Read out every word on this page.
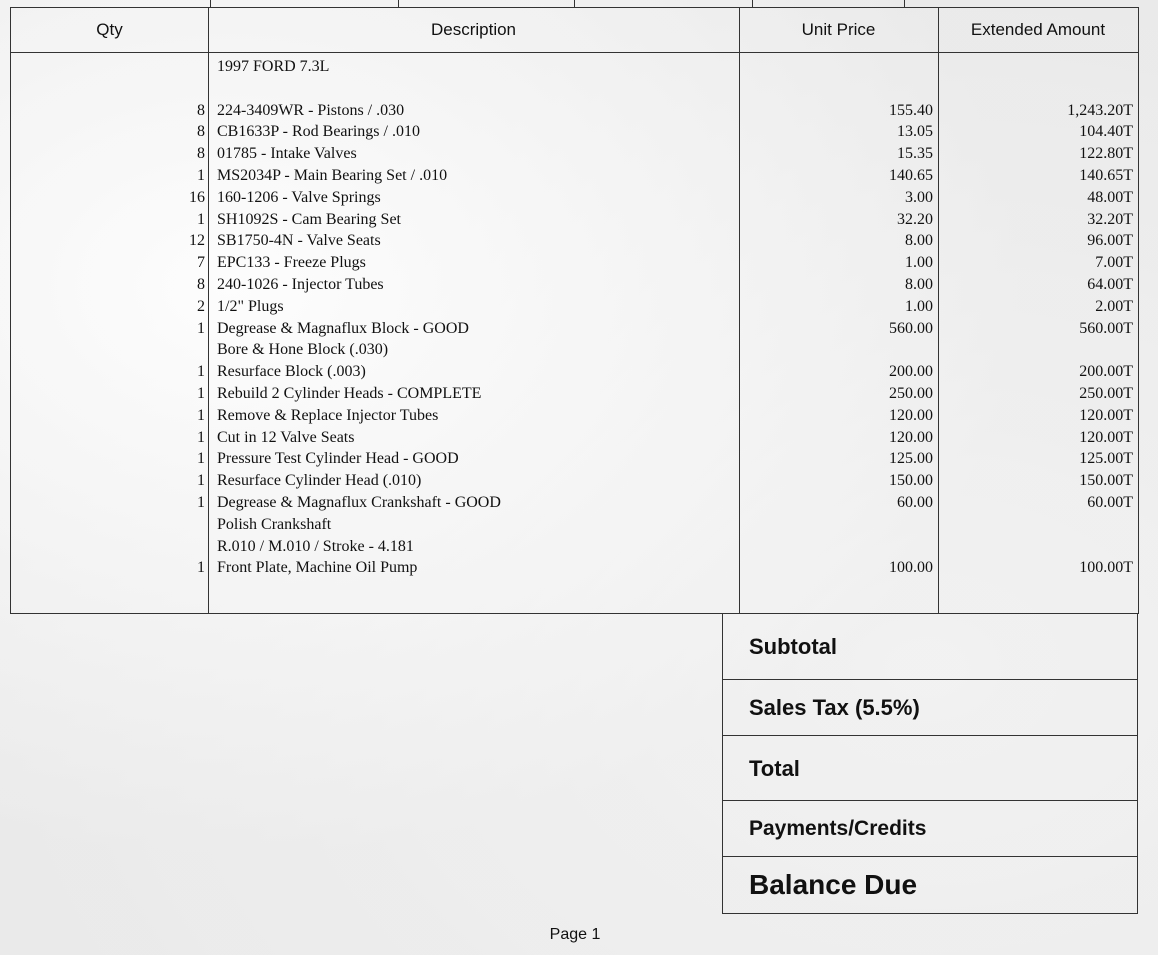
Qty	Description	Unit Price	Extended Amount
1997 FORD 7.3L
8 224-3409WR - Pistons / .030	155.40	1,243.20T
8 CB1633P - Rod Bearings / .010	13.05	104.40T
8 01785 - Intake Valves	15.35	122.80T
1 MS2034P - Main Bearing Set / .010	140.65	140.65T
16 160-1206 - Valve Springs	3.00	48.00T
1 SH1092S - Cam Bearing Set	32.20	32.20T
12 SB1750-4N - Valve Seats	8.00	96.00T
7 EPC133 - Freeze Plugs	1.00	7.00T
8 240-1026 - Injector Tubes	8.00	64.00T
2 1/2" Plugs	1.00	2.00T
1 Degrease & Magnaflux Block - GOOD	560.00	560.00T
Bore & Hone Block (.030)
1 Resurface Block (.003)	200.00	200.00T
1 Rebuild 2 Cylinder Heads - COMPLETE	250.00	250.00T
1 Remove & Replace Injector Tubes	120.00	120.00T
1 Cut in 12 Valve Seats	120.00	120.00T
1 Pressure Test Cylinder Head - GOOD	125.00	125.00T
1 Resurface Cylinder Head (.010)	150.00	150.00T
1 Degrease & Magnaflux Crankshaft - GOOD	60.00	60.00T
Polish Crankshaft
R.010 / M.010 / Stroke - 4.181
1 Front Plate, Machine Oil Pump	100.00	100.00T
Subtotal
Sales Tax (5.5%)
Total
Payments/Credits
Balance Due
Page 1
